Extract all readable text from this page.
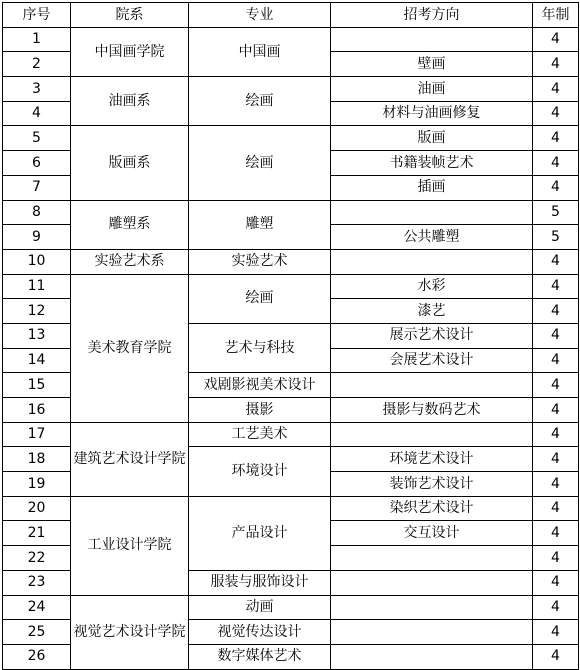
序号	院系	专业	招考方向	年制
1	中国画学院	中国画		4
2			壁画	4
3	油画系	绘画	油画	4
4			材料与油画修复	4
5	版画系	绘画	版画	4
6			书籍装帧艺术	4
7			插画	4
8	雕塑系	雕塑		5
9			公共雕塑	5
10	实验艺术系	实验艺术		4
11	美术教育学院	绘画	水彩	4
12			漆艺	4
13		艺术与科技	展示艺术设计	4
14			会展艺术设计	4
15		戏剧影视美术设计		4
16		摄影	摄影与数码艺术	4
17	建筑艺术设计学院	工艺美术		4
18		环境设计	环境艺术设计	4
19			装饰艺术设计	4
20	工业设计学院	产品设计	染织艺术设计	4
21			交互设计	4
22				4
23		服装与服饰设计		4
24	视觉艺术设计学院	动画		4
25		视觉传达设计		4
26		数字媒体艺术		4
